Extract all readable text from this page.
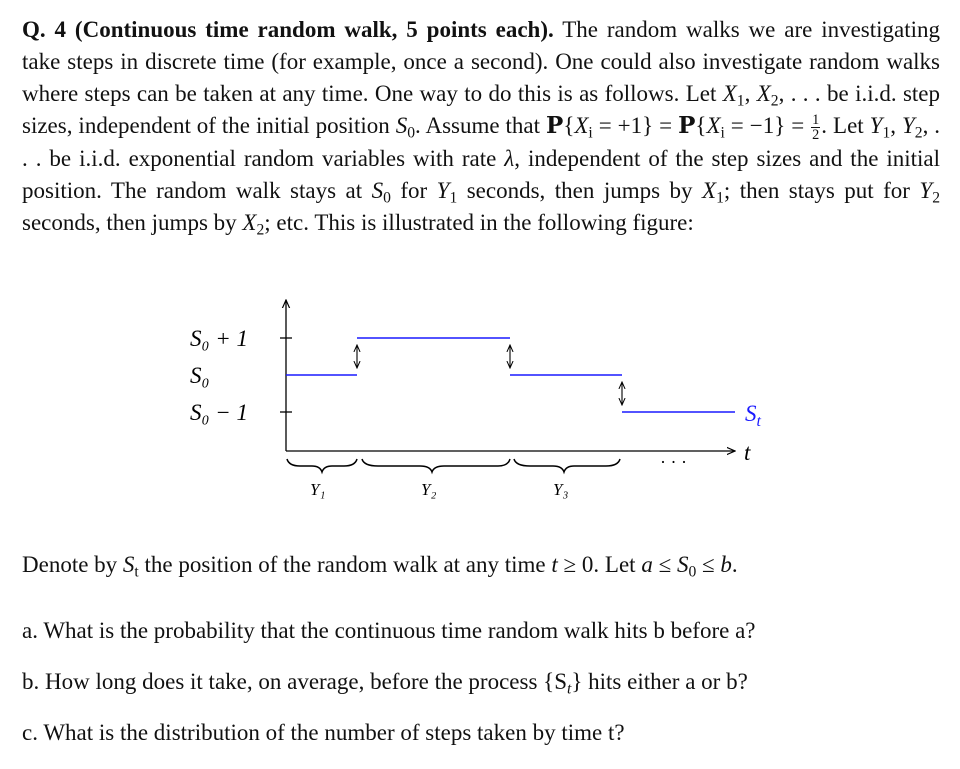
Q. 4 (Continuous time random walk, 5 points each). The random walks we are investigating take steps in discrete time (for example, once a second). One could also investigate random walks where steps can be taken at any time. One way to do this is as follows. Let $X_1$, $X_2$, . . . be i.i.d. step sizes, independent of the initial position $S_0$. Assume that $P\{X_i = +1\} = P\{X_i = -1\} = \frac{1}{2}$ . Let $Y_1$, $Y_2$, . . . be i.i.d. exponential random variables with rate λ, independent of the step sizes and the initial position. The random walk stays at $S_0$ for $Y_1$ seconds, then jumps by $X_1$; then stays put for $Y_2$ seconds, then jumps by $X_2$; etc. This is illustrated in the following figure:

S₀ + 1
S₀
S₀ − 1	$S_t$
t
· · ·
Y₁	Y₂	Y₃

Denote by $S_t$ the position of the random walk at any time t ≥ 0. Let $a \le S_0 \le b$.

a. What is the probability that the continuous time random walk hits b before a?
b. How long does it take, on average, before the process $\{S_t\}$ hits either a or b?
c. What is the distribution of the number of steps taken by time t?
